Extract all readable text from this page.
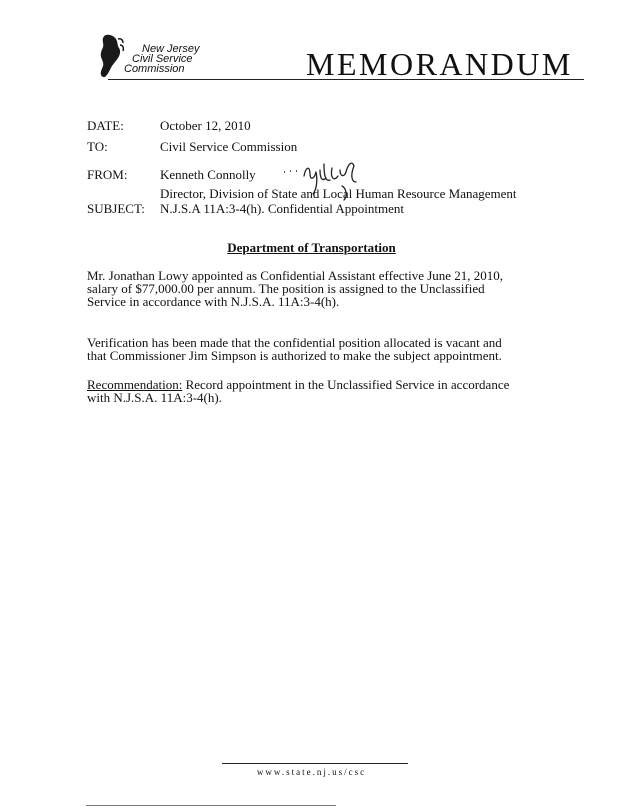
New Jersey
Civil Service
Commission	MEMORANDUM
DATE:	October 12, 2010
TO:	Civil Service Commission
FROM:	Kenneth Connolly
Director, Division of State and Local Human Resource Management
SUBJECT: N.J.S.A 11A:3-4(h). Confidential Appointment
Department of Transportation
Mr. Jonathan Lowy appointed as Confidential Assistant effective June 21, 2010,
salary of $77,000.00 per annum. The position is assigned to the Unclassified
Service in accordance with N.J.S.A. 11A:3-4(h).
Verification has been made that the confidential position allocated is vacant and
that Commissioner Jim Simpson is authorized to make the subject appointment.
Recommendation: Record appointment in the Unclassified Service in accordance
with N.J.S.A. 11A:3-4(h).
www.state.nj.us/csc
